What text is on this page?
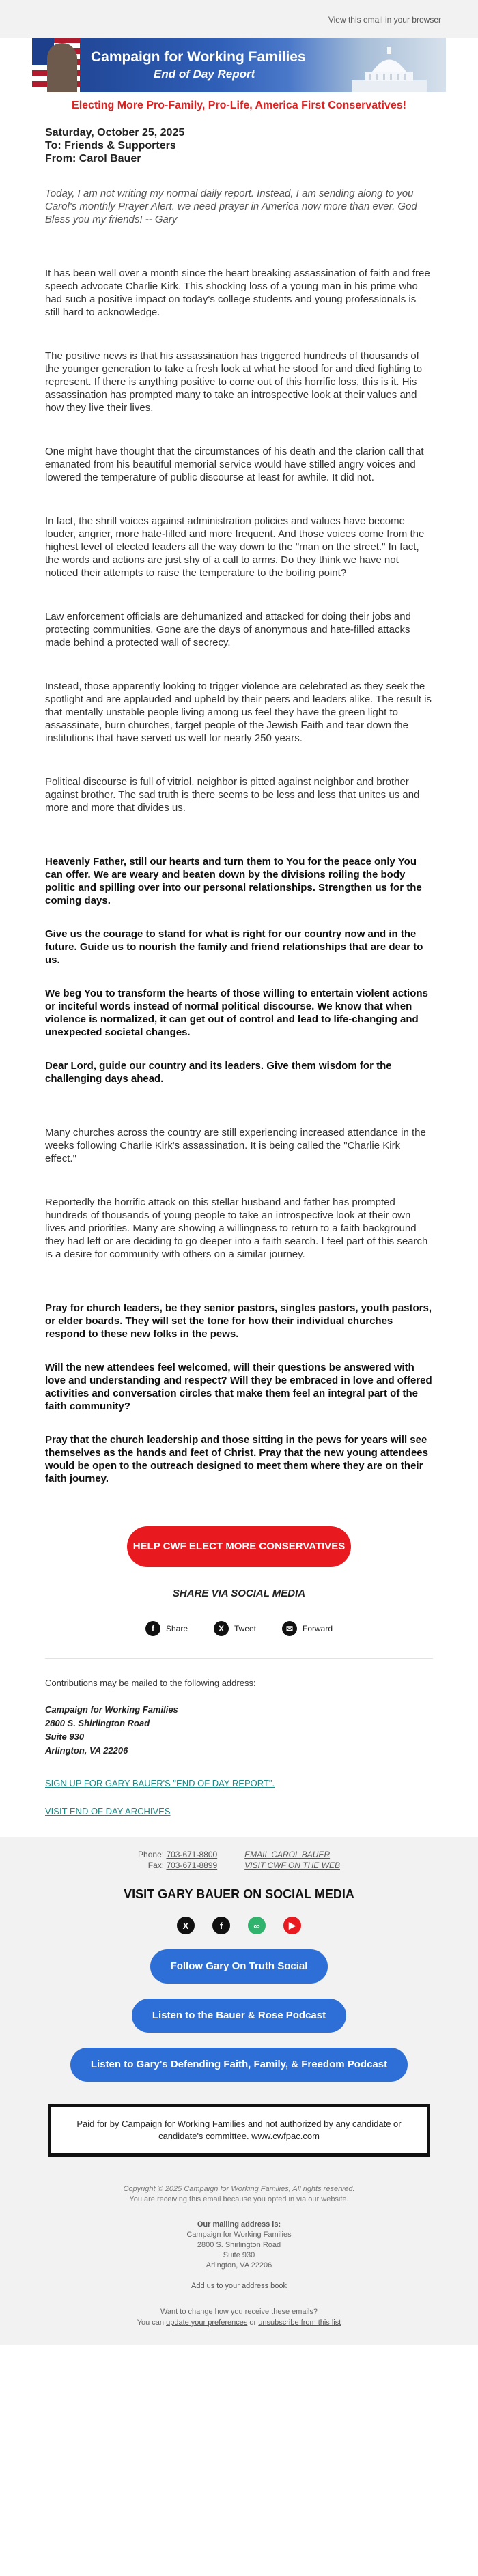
View this email in your browser
Campaign for Working Families
End of Day Report
Electing More Pro-Family, Pro-Life, America First Conservatives!
Saturday, October 25, 2025
To: Friends & Supporters
From: Carol Bauer

Today, I am not writing my normal daily report. Instead, I am sending along to you Carol's monthly Prayer Alert. we need prayer in America now more than ever. God Bless you my friends! -- Gary

It has been well over a month since the heart breaking assassination of faith and free speech advocate Charlie Kirk. This shocking loss of a young man in his prime who had such a positive impact on today's college students and young professionals is still hard to acknowledge.

The positive news is that his assassination has triggered hundreds of thousands of the younger generation to take a fresh look at what he stood for and died fighting to represent. If there is anything positive to come out of this horrific loss, this is it. His assassination has prompted many to take an introspective look at their values and how they live their lives.

One might have thought that the circumstances of his death and the clarion call that emanated from his beautiful memorial service would have stilled angry voices and lowered the temperature of public discourse at least for awhile. It did not.

In fact, the shrill voices against administration policies and values have become louder, angrier, more hate-filled and more frequent. And those voices come from the highest level of elected leaders all the way down to the "man on the street." In fact, the words and actions are just shy of a call to arms. Do they think we have not noticed their attempts to raise the temperature to the boiling point?

Law enforcement officials are dehumanized and attacked for doing their jobs and protecting communities. Gone are the days of anonymous and hate-filled attacks made behind a protected wall of secrecy.

Instead, those apparently looking to trigger violence are celebrated as they seek the spotlight and are applauded and upheld by their peers and leaders alike. The result is that mentally unstable people living among us feel they have the green light to assassinate, burn churches, target people of the Jewish Faith and tear down the institutions that have served us well for nearly 250 years.

Political discourse is full of vitriol, neighbor is pitted against neighbor and brother against brother. The sad truth is there seems to be less and less that unites us and more and more that divides us.

Heavenly Father, still our hearts and turn them to You for the peace only You can offer. We are weary and beaten down by the divisions roiling the body politic and spilling over into our personal relationships. Strengthen us for the coming days.

Give us the courage to stand for what is right for our country now and in the future. Guide us to nourish the family and friend relationships that are dear to us.

We beg You to transform the hearts of those willing to entertain violent actions or inciteful words instead of normal political discourse. We know that when violence is normalized, it can get out of control and lead to life-changing and unexpected societal changes.

Dear Lord, guide our country and its leaders. Give them wisdom for the challenging days ahead.

Many churches across the country are still experiencing increased attendance in the weeks following Charlie Kirk's assassination. It is being called the "Charlie Kirk effect."

Reportedly the horrific attack on this stellar husband and father has prompted hundreds of thousands of young people to take an introspective look at their own lives and priorities. Many are showing a willingness to return to a faith background they had left or are deciding to go deeper into a faith search. I feel part of this search is a desire for community with others on a similar journey.

Pray for church leaders, be they senior pastors, singles pastors, youth pastors, or elder boards. They will set the tone for how their individual churches respond to these new folks in the pews.

Will the new attendees feel welcomed, will their questions be answered with love and understanding and respect? Will they be embraced in love and offered activities and conversation circles that make them feel an integral part of the faith community?

Pray that the church leadership and those sitting in the pews for years will see themselves as the hands and feet of Christ. Pray that the new young attendees would be open to the outreach designed to meet them where they are on their faith journey.

HELP CWF ELECT MORE CONSERVATIVES
SHARE VIA SOCIAL MEDIA
f	Share	X	Tweet	✉	Forward
Contributions may be mailed to the following address:
Campaign for Working Families
2800 S. Shirlington Road
Suite 930
Arlington, VA 22206
SIGN UP FOR GARY BAUER'S "END OF DAY REPORT".
VISIT END OF DAY ARCHIVES
Phone: 703-671-8800
Fax: 703-671-8899
EMAIL CAROL BAUER
VISIT CWF ON THE WEB
VISIT GARY BAUER ON SOCIAL MEDIA
X	f	∞	▶
Follow Gary On Truth Social
Listen to the Bauer & Rose Podcast
Listen to Gary's Defending Faith, Family, & Freedom Podcast
Paid for by Campaign for Working Families and not authorized by any candidate or candidate's committee. www.cwfpac.com
Copyright © 2025 Campaign for Working Families, All rights reserved.
You are receiving this email because you opted in via our website.
Our mailing address is:
Campaign for Working Families
2800 S. Shirlington Road
Suite 930
Arlington, VA 22206
Add us to your address book
Want to change how you receive these emails?
You can update your preferences or unsubscribe from this list
